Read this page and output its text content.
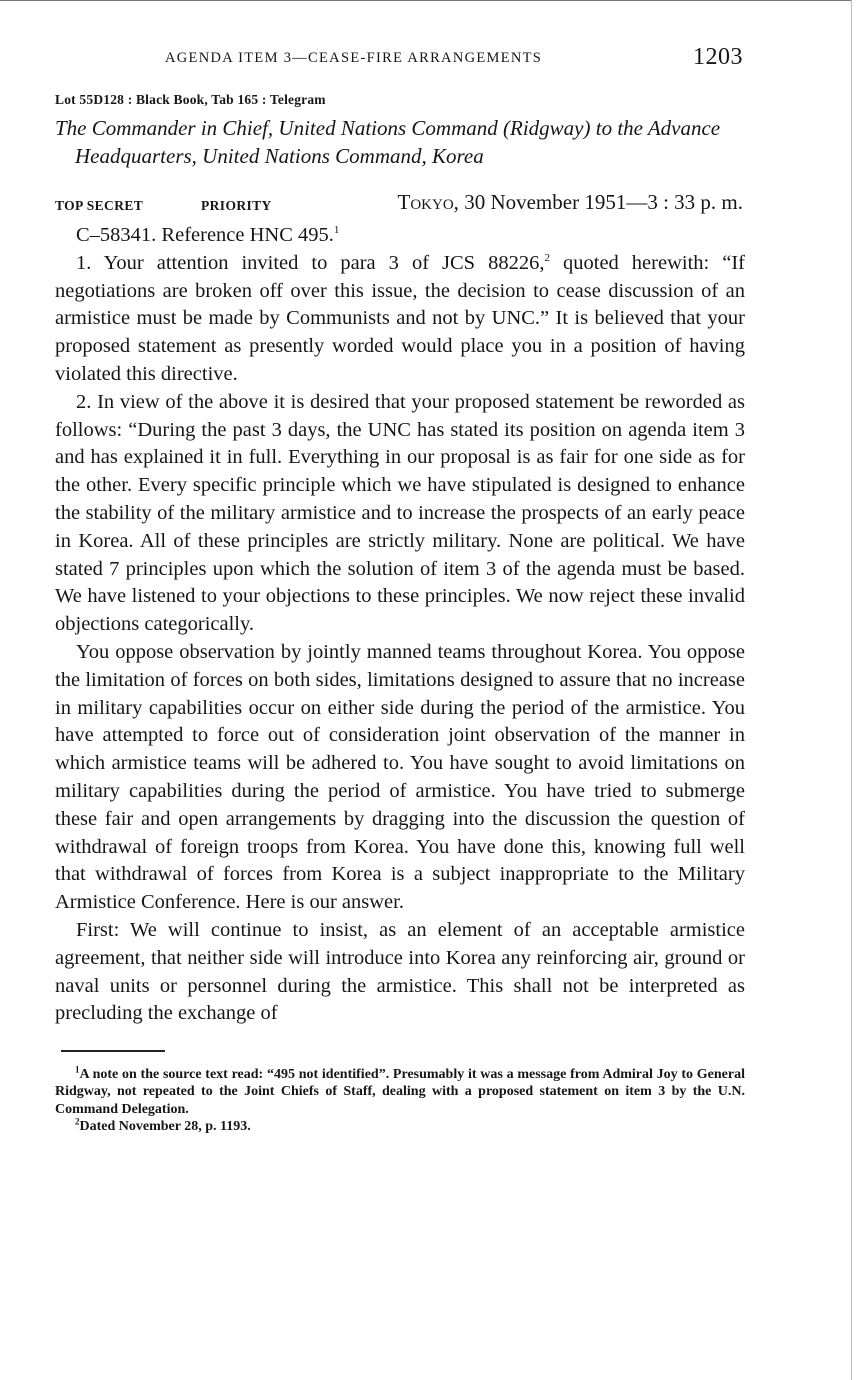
AGENDA ITEM 3—CEASE-FIRE ARRANGEMENTS	1203
Lot 55D128 : Black Book, Tab 165 : Telegram
The Commander in Chief, United Nations Command (Ridgway) to the Advance Headquarters, United Nations Command, Korea
TOP SECRET	PRIORITY	Tokyo, 30 November 1951—3 : 33 p. m.

C–58341. Reference HNC 495.$^1$

1. Your attention invited to para 3 of JCS 88226,$^2$ quoted herewith: “If negotiations are broken off over this issue, the decision to cease discussion of an armistice must be made by Communists and not by UNC.” It is believed that your proposed statement as presently worded would place you in a position of having violated this directive.

2. In view of the above it is desired that your proposed statement be reworded as follows: “During the past 3 days, the UNC has stated its position on agenda item 3 and has explained it in full. Everything in our proposal is as fair for one side as for the other. Every specific principle which we have stipulated is designed to enhance the stability of the military armistice and to increase the prospects of an early peace in Korea. All of these principles are strictly military. None are political. We have stated 7 principles upon which the solution of item 3 of the agenda must be based. We have listened to your objections to these principles. We now reject these invalid objections categorically.

You oppose observation by jointly manned teams throughout Korea. You oppose the limitation of forces on both sides, limitations designed to assure that no increase in military capabilities occur on either side during the period of the armistice. You have attempted to force out of consideration joint observation of the manner in which armistice teams will be adhered to. You have sought to avoid limitations on military capabilities during the period of armistice. You have tried to submerge these fair and open arrangements by dragging into the discussion the question of withdrawal of foreign troops from Korea. You have done this, knowing full well that withdrawal of forces from Korea is a subject inappropriate to the Military Armistice Conference. Here is our answer.

First: We will continue to insist, as an element of an acceptable armistice agreement, that neither side will introduce into Korea any reinforcing air, ground or naval units or personnel during the armistice. This shall not be interpreted as precluding the exchange of

$^1$A note on the source text read: “495 not identified”. Presumably it was a message from Admiral Joy to General Ridgway, not repeated to the Joint Chiefs of Staff, dealing with a proposed statement on item 3 by the U.N. Command Delegation.

$^2$Dated November 28, p. 1193.
